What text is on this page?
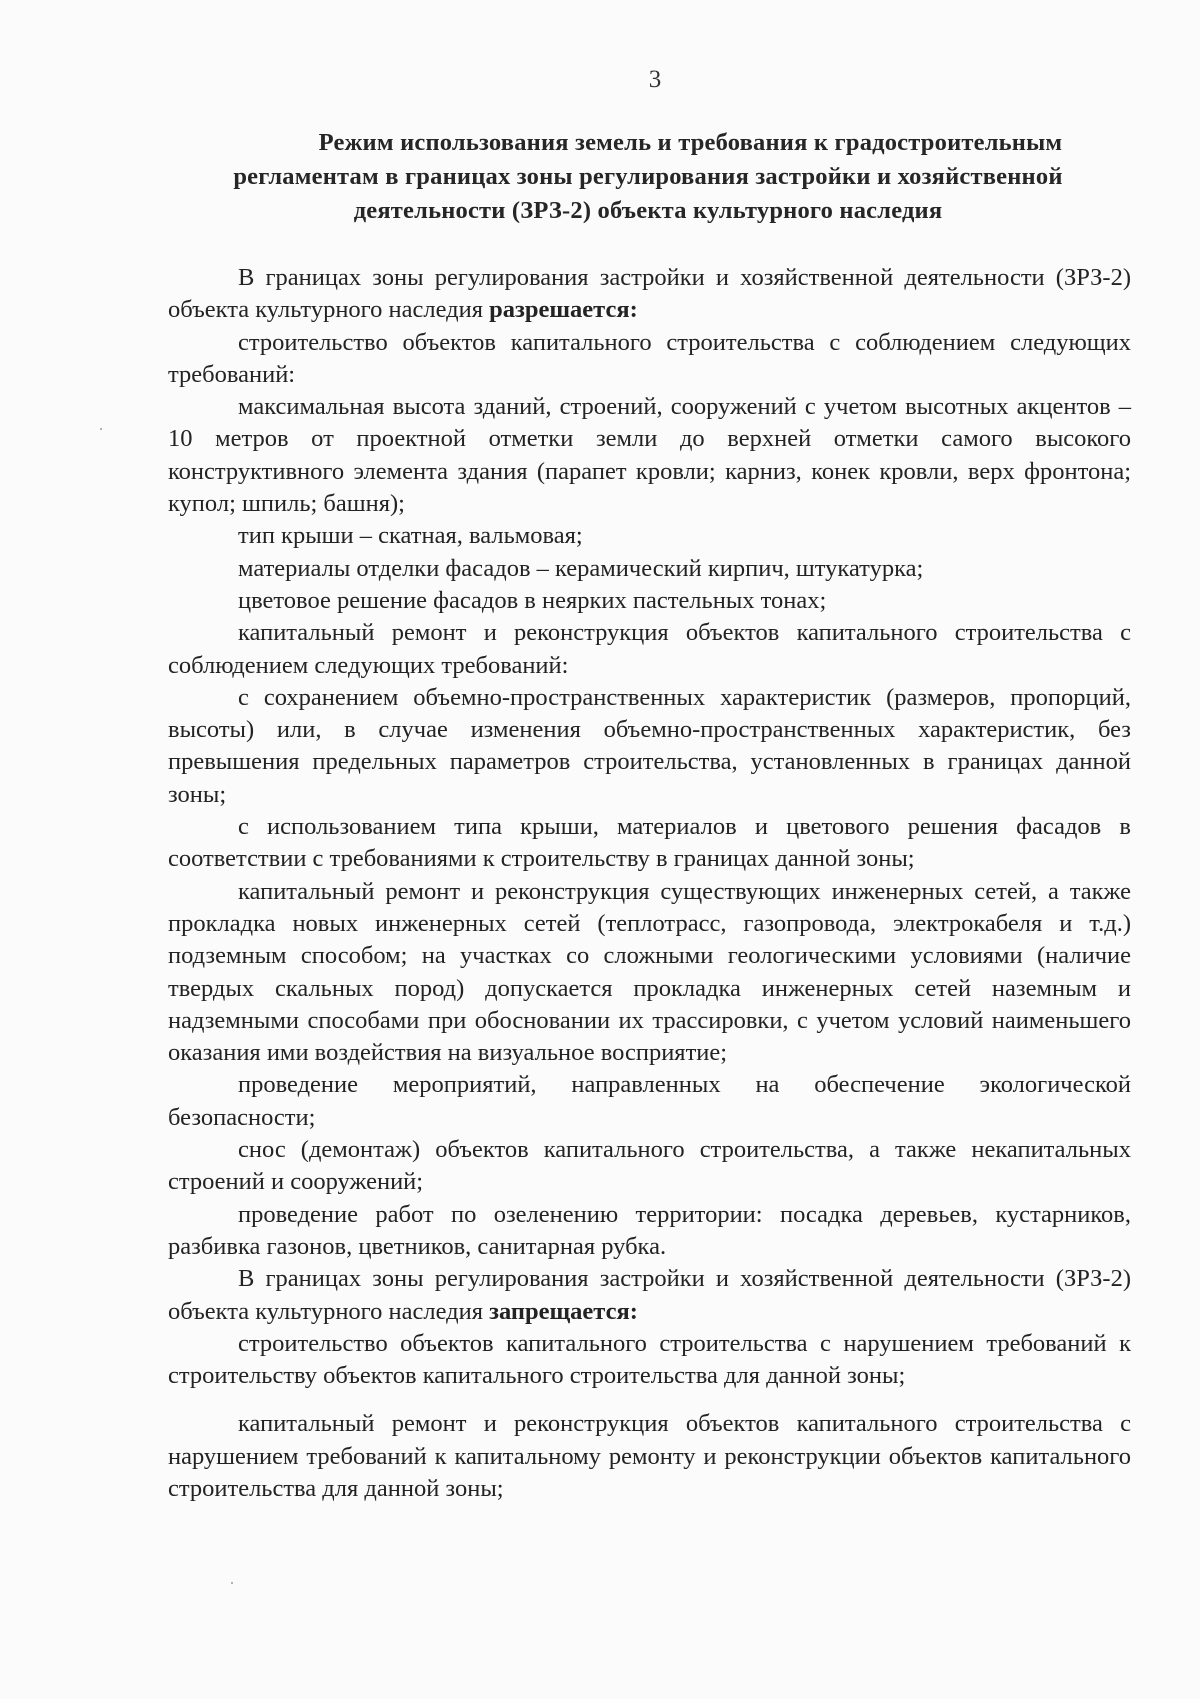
3
Режим использования земель и требования к градостроительным
регламентам в границах зоны регулирования застройки и хозяйственной
деятельности (ЗРЗ-2) объекта культурного наследия

В границах зоны регулирования застройки и хозяйственной деятельности (ЗРЗ-2) объекта культурного наследия разрешается:

строительство объектов капитального строительства с соблюдением следующих требований:

максимальная высота зданий, строений, сооружений с учетом высотных акцентов – 10 метров от проектной отметки земли до верхней отметки самого высокого конструктивного элемента здания (парапет кровли; карниз, конек кровли, верх фронтона; купол; шпиль; башня);

тип крыши – скатная, вальмовая;

материалы отделки фасадов – керамический кирпич, штукатурка;

цветовое решение фасадов в неярких пастельных тонах;

капитальный ремонт и реконструкция объектов капитального строительства с соблюдением следующих требований:

с сохранением объемно-пространственных характеристик (размеров, пропорций, высоты) или, в случае изменения объемно-пространственных характеристик, без превышения предельных параметров строительства, установленных в границах данной зоны;

с использованием типа крыши, материалов и цветового решения фасадов в соответствии с требованиями к строительству в границах данной зоны;

капитальный ремонт и реконструкция существующих инженерных сетей, а также прокладка новых инженерных сетей (теплотрасс, газопровода, электрокабеля и т.д.) подземным способом; на участках со сложными геологическими условиями (наличие твердых скальных пород) допускается прокладка инженерных сетей наземным и надземными способами при обосновании их трассировки, с учетом условий наименьшего оказания ими воздействия на визуальное восприятие;

проведение мероприятий, направленных на обеспечение экологической безопасности;

снос (демонтаж) объектов капитального строительства, а также некапитальных строений и сооружений;

проведение работ по озеленению территории: посадка деревьев, кустарников, разбивка газонов, цветников, санитарная рубка.

В границах зоны регулирования застройки и хозяйственной деятельности (ЗРЗ-2) объекта культурного наследия запрещается:

строительство объектов капитального строительства с нарушением требований к строительству объектов капитального строительства для данной зоны;

капитальный ремонт и реконструкция объектов капитального строительства с нарушением требований к капитальному ремонту и реконструкции объектов капитального строительства для данной зоны;
